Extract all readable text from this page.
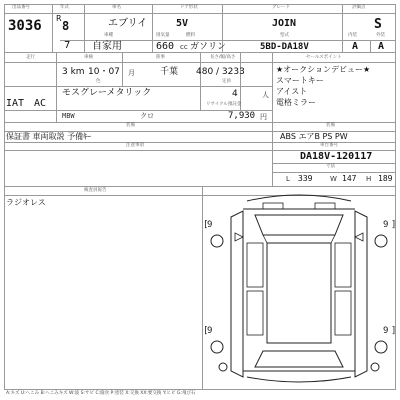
出品番号	年式	車名	ドア形状	グレード	評価点
3036 R
8
7
エブリイ	5V	JOIN	S
車種	排気量	燃料	型式	内装	外装
自家用	660 cc ガソリン	5BD-DA18V	A A
走行	車検	陸事	長さ/幅/高さ	セールスポイント
3 km 10・07 月	千葉 480 / 3233
色	定員
モスグレーメタリック	4	人
IAT AC	リサイクル預託金
MBW	クロ	7,930 円
装備	装備
ABS エアB PS PW
★オークションデビュー★
スマートキー
アイスト
電格ミラー
保証書 車両取説 予備ｷｰ
注意事項	車台番号
DA18V-120117
寸法
L 339	W 147 H 189
検査員報告
ラジオレス
9	9
9	9
[	]
[	]
A:キズ U:へこみ B:へこみキズ W:波 S:サビ C:腐食 P:塗装 X:交換 XX:要交換 Y:ヒビ G:飛び石
